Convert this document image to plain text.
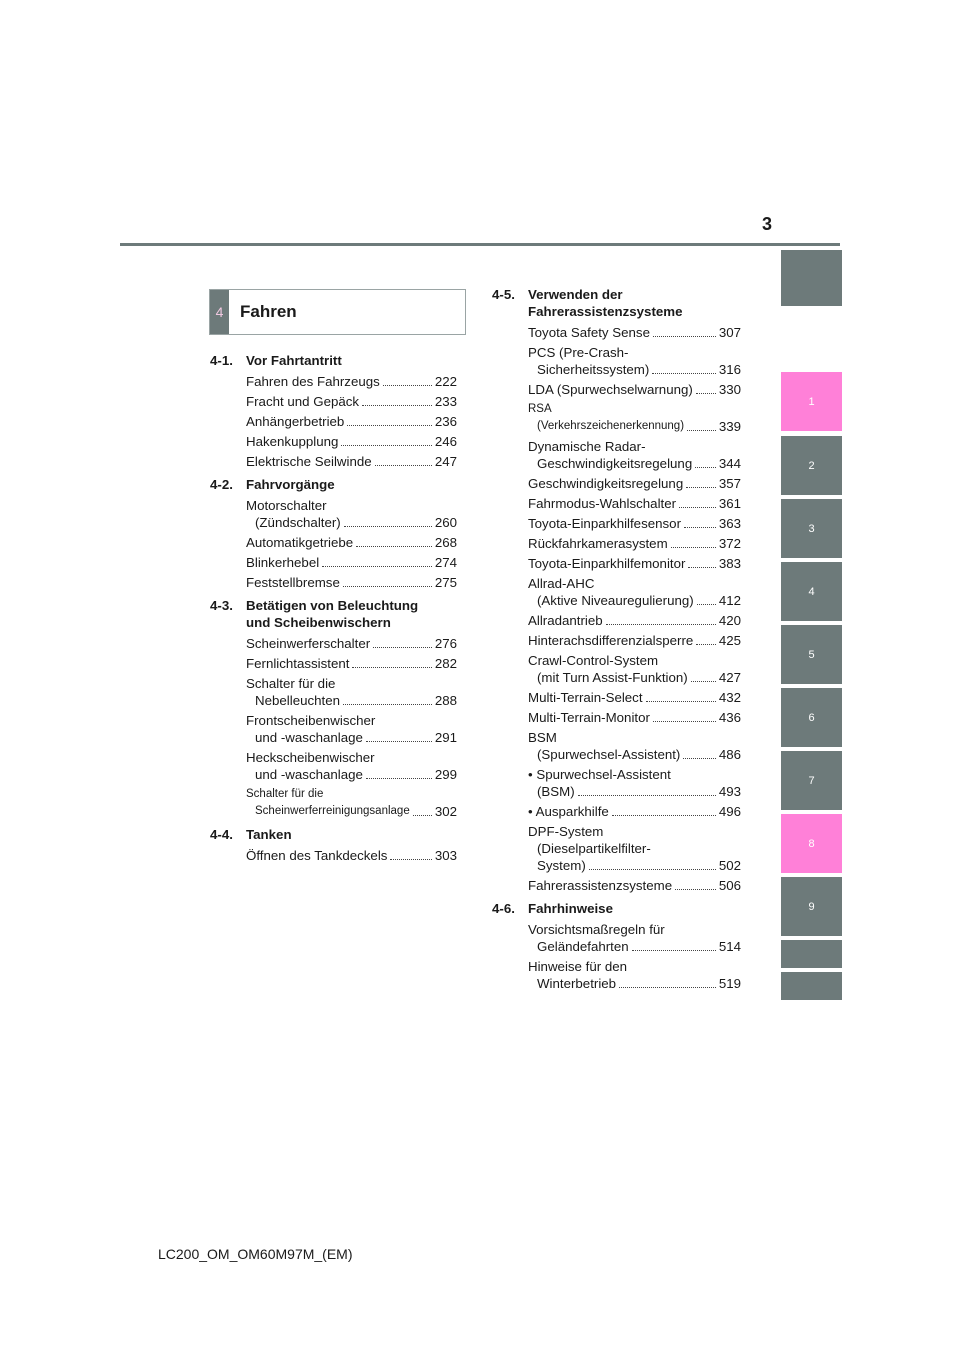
3
4 Fahren
4-1. Vor Fahrtantritt
Fahren des Fahrzeugs	222
Fracht und Gepäck	233
Anhängerbetrieb	236
Hakenkupplung	246
Elektrische Seilwinde	247
4-2. Fahrvorgänge
Motorschalter
(Zündschalter)	260
Automatikgetriebe	268
Blinkerhebel	274
Feststellbremse	275
4-3. Betätigen von Beleuchtung
und Scheibenwischern
Scheinwerferschalter	276
Fernlichtassistent	282
Schalter für die
Nebelleuchten	288
Frontscheibenwischer
und -waschanlage	291
Heckscheibenwischer
und -waschanlage	299
Schalter für die
Scheinwerferreinigungsanlage 302
4-4. Tanken
Öffnen des Tankdeckels	303
4-5. Verwenden der
Fahrerassistenzsysteme
Toyota Safety Sense	307
PCS (Pre-Crash-
Sicherheitssystem)	316
LDA (Spurwechselwarnung) 330
RSA
(Verkehrszeichenerkennung)	339
Dynamische Radar-
Geschwindigkeitsregelung 344
Geschwindigkeitsregelung	357
Fahrmodus-Wahlschalter	361
Toyota-Einparkhilfesensor	363
Rückfahrkamerasystem	372
Toyota-Einparkhilfemonitor	383
Allrad-AHC
(Aktive Niveauregulierung) 412
Allradantrieb	420
Hinterachsdifferenzialsperre 425
Crawl-Control-System
(mit Turn Assist-Funktion) 427
Multi-Terrain-Select	432
Multi-Terrain-Monitor	436
BSM
(Spurwechsel-Assistent)	486
• Spurwechsel-Assistent
(BSM)	493
• Ausparkhilfe	496
DPF-System
(Dieselpartikelfilter-
System)	502
Fahrerassistenzsysteme	506
4-6. Fahrhinweise
Vorsichtsmaßregeln für
Geländefahrten	514
Hinweise für den
Winterbetrieb	519
1
2
3
4
5
6
7
8
9
LC200_OM_OM60M97M_(EM)
